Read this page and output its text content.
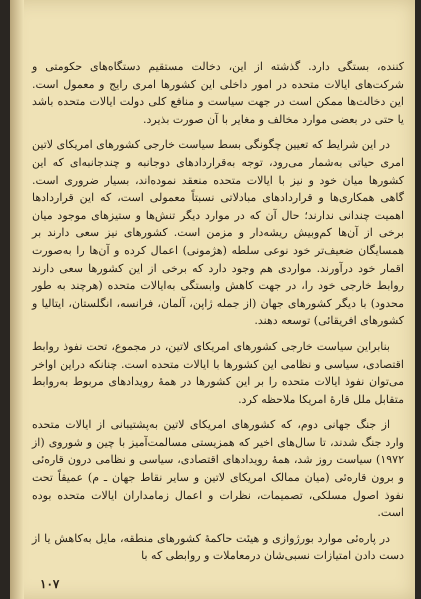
کننده، بستگی دارد. گذشته از این، دخالت مستقیم دستگاه‌های حکومتی و شرکت‌های ایالات متحده در امور داخلی این کشورها امری رایج و معمول است. این دخالت‌ها ممکن است در جهت سیاست و منافع کلی دولت ایالات متحده باشد یا حتی در بعضی موارد مخالف و مغایر با آن صورت بذیرد.

در این شرایط که تعیین چگونگی بسط سیاست خارجی کشورهای امریکای لاتین امری حیاتی به‌شمار می‌رود، توجه به‌قراردادهای دوجانبه و چندجانبه‌ای که این کشورها میان خود و نیز با ایالات متحده منعقد نموده‌اند، بسیار ضروری است. گاهی همکاری‌ها و قراردادهای مبادلاتی نسبتاً معمولی است، که این قراردادها اهمیت چندانی ندارند؛ حال آن که در موارد دیگر تنش‌ها و ستیزهای موجود میان برخی از آن‌ها کم‌وبیش ریشه‌دار و مزمن است. کشورهای نیز سعی دارند بر همسایگان ضعیف‌تر خود نوعی سلطه (هژمونی) اعمال کرده و آن‌ها را به‌صورت اقمار خود درآورند. مواردی هم وجود دارد که برخی از این کشورها سعی دارند روابط خارجی خود را، در جهت کاهش وابستگی به‌ایالات متحده (هرچند به طور محدود) با دیگر کشورهای جهان (از جمله ژاپن، آلمان، فرانسه، انگلستان، ایتالیا و کشورهای افریقائی) توسعه دهند.

بنابراین سیاست خارجی کشورهای امریکای لاتین، در مجموع، تحت نفوذ روابط اقتصادی، سیاسی و نظامی این کشورها با ایالات متحده است. چنانکه دراین اواخر می‌توان نفوذ ایالات متحده را بر این کشورها در همهٔ رویدادهای مربوط به‌روابط متقابل ملل قارهٔ امریکا ملاحظه کرد.

از جنگ جهانی دوم، که کشورهای امریکای لاتین به‌پشتیبانی از ایالات متحده وارد جنگ شدند، تا سال‌های اخیر که همزیستی مسالمت‌آمیز با چین و شوروی (از ۱۹۷۲) سیاست روز شد، همهٔ رویدادهای اقتصادی، سیاسی و نظامی درون قاره‌ئی و برون قاره‌ئی (میان ممالک امریکای لاتین و سایر نقاط جهان ـ م) عمیقاً تحت نفوذ اصول مسلکی، تصمیمات، نظرات و اعمال زمامداران ایالات متحده بوده است.

در پاره‌ئی موارد بورژوازی و هیئت حاکمهٔ کشورهای منطقه، مایل به‌کاهش یا از دست دادن امتیازات نسبی‌شان درمعاملات و روابطی که با

۱۰۷
